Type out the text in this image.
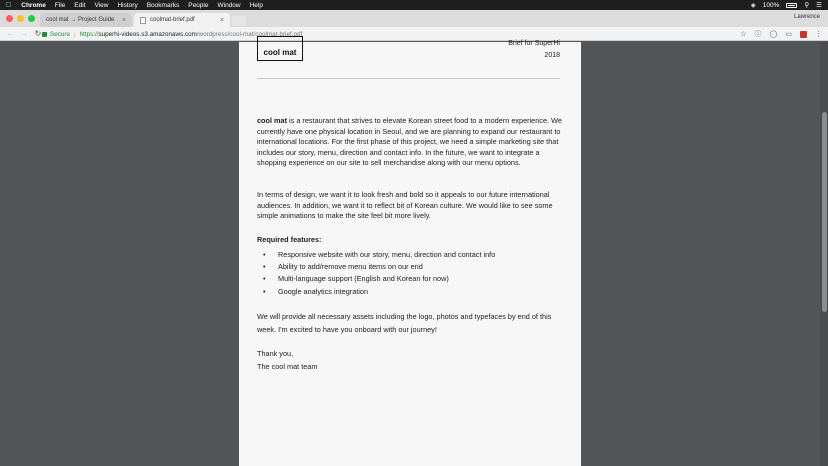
Chrome File Edit View History Bookmarks People Window Help	◈ 100%	⚲ ☰
cool mat → Project Guide ×	coolmat-brief.pdf	×	Lawrence
← → ↻ Secure | https:// superhi-videos.s3.amazonaws.com /wordpress/cool-mat/coolmat-brief.pdf	☆ ⓘ ◯ ▭	⋮
cool mat
Brief for SuperHi
2018

cool mat is a restaurant that strives to elevate Korean street food to a modern experience. We currently have one physical location in Seoul, and we are planning to expand our restaurant to international locations. For the first phase of this project, we need a simple marketing site that includes our story, menu, direction and contact info. In the future, we want to integrate a shopping experience on our site to sell merchandise along with our menu options.

In terms of design, we want it to look fresh and bold so it appeals to our future international audiences. In addition, we want it to reflect bit of Korean culture. We would like to see some simple animations to make the site feel bit more lively.

Required features:

• Responsive website with our story, menu, direction and contact info
• Ability to add/remove menu items on our end
• Multi-language support (English and Korean for now)
• Google analytics integration

We will provide all necessary assets including the logo, photos and typefaces by end of this week. I'm excited to have you onboard with our journey!

Thank you,
The cool mat team
